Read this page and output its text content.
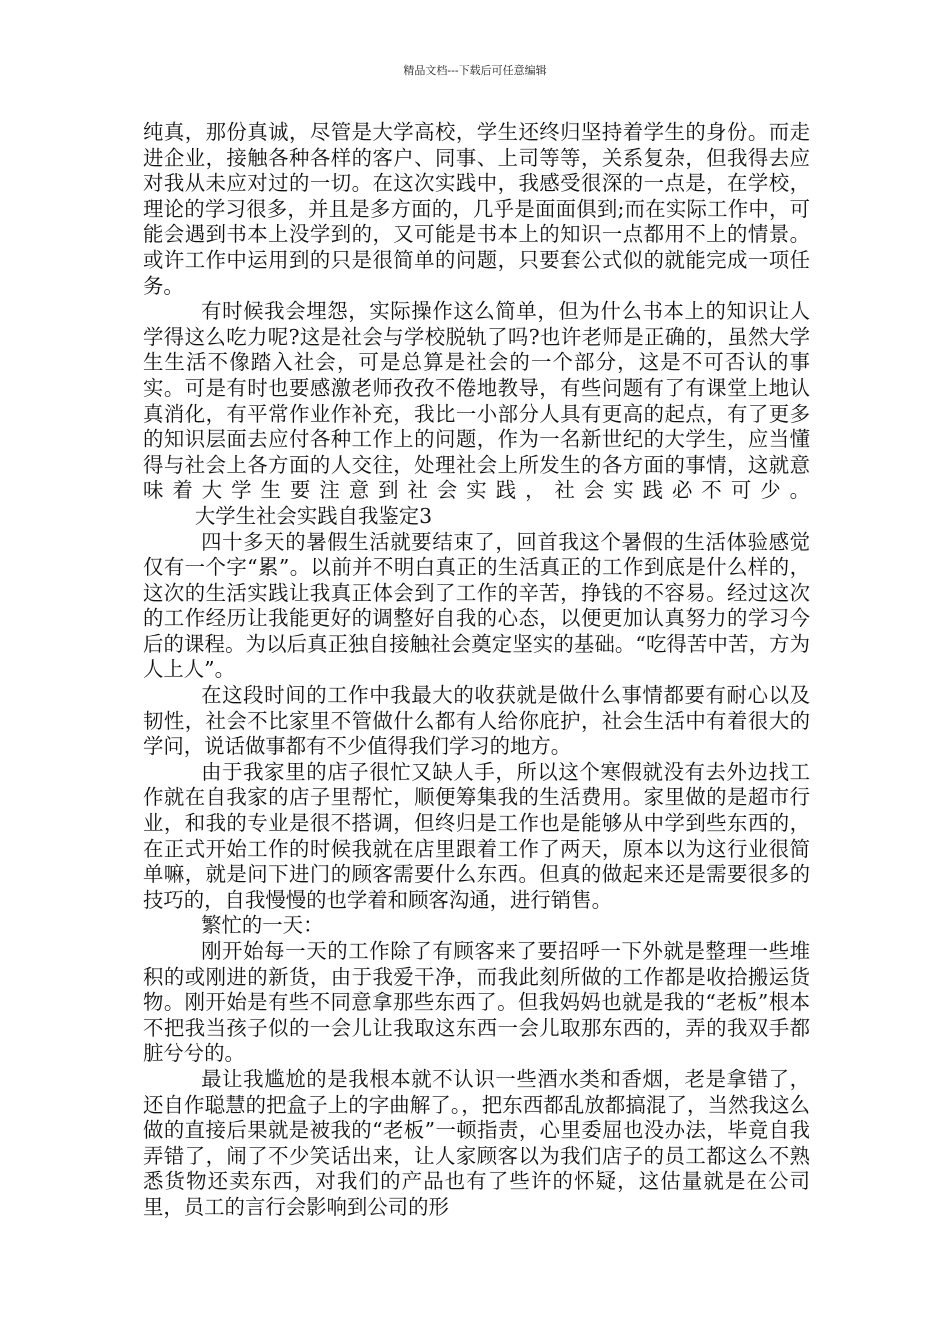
精品文档---下载后可任意编辑

纯真，那份真诚，尽管是大学高校，学生还终归坚持着学生的身份。而走进企业，接触各种各样的客户、同事、上司等等，关系复杂，但我得去应对我从未应对过的一切。在这次实践中，我感受很深的一点是，在学校，理论的学习很多，并且是多方面的，几乎是面面俱到;而在实际工作中，可能会遇到书本上没学到的，又可能是书本上的知识一点都用不上的情景。或许工作中运用到的只是很简单的问题，只要套公式似的就能完成一项任务。

有时候我会埋怨，实际操作这么简单，但为什么书本上的知识让人学得这么吃力呢?这是社会与学校脱轨了吗?也许老师是正确的，虽然大学生生活不像踏入社会，可是总算是社会的一个部分，这是不可否认的事实。可是有时也要感激老师孜孜不倦地教导，有些问题有了有课堂上地认真消化，有平常作业作补充，我比一小部分人具有更高的起点，有了更多的知识层面去应付各种工作上的问题，作为一名新世纪的大学生，应当懂得与社会上各方面的人交往，处理社会上所发生的各方面的事情，这就意味着大学生要注意到社会实践，社会实践必不可少。        大学生社会实践自我鉴定3

四十多天的暑假生活就要结束了，回首我这个暑假的生活体验感觉仅有一个字“累”。以前并不明白真正的生活真正的工作到底是什么样的，这次的生活实践让我真正体会到了工作的辛苦，挣钱的不容易。经过这次的工作经历让我能更好的调整好自我的心态，以便更加认真努力的学习今后的课程。为以后真正独自接触社会奠定坚实的基础。“吃得苦中苦，方为人上人”。

在这段时间的工作中我最大的收获就是做什么事情都要有耐心以及韧性，社会不比家里不管做什么都有人给你庇护，社会生活中有着很大的学问，说话做事都有不少值得我们学习的地方。

由于我家里的店子很忙又缺人手，所以这个寒假就没有去外边找工作就在自我家的店子里帮忙，顺便筹集我的生活费用。家里做的是超市行业，和我的专业是很不搭调，但终归是工作也是能够从中学到些东西的，在正式开始工作的时候我就在店里跟着工作了两天，原本以为这行业很简单嘛，就是问下进门的顾客需要什么东西。但真的做起来还是需要很多的技巧的，自我慢慢的也学着和顾客沟通，进行销售。

繁忙的一天：

刚开始每一天的工作除了有顾客来了要招呼一下外就是整理一些堆积的或刚进的新货，由于我爱干净，而我此刻所做的工作都是收拾搬运货物。刚开始是有些不同意拿那些东西了。但我妈妈也就是我的“老板”根本不把我当孩子似的一会儿让我取这东西一会儿取那东西的，弄的我双手都脏兮兮的。

最让我尴尬的是我根本就不认识一些酒水类和香烟，老是拿错了，还自作聪慧的把盒子上的字曲解了。，把东西都乱放都搞混了，当然我这么做的直接后果就是被我的“老板”一顿指责，心里委屈也没办法，毕竟自我弄错了，闹了不少笑话出来，让人家顾客以为我们店子的员工都这么不熟悉货物还卖东西，对我们的产品也有了些许的怀疑，这估量就是在公司里，员工的言行会影响到公司的形
